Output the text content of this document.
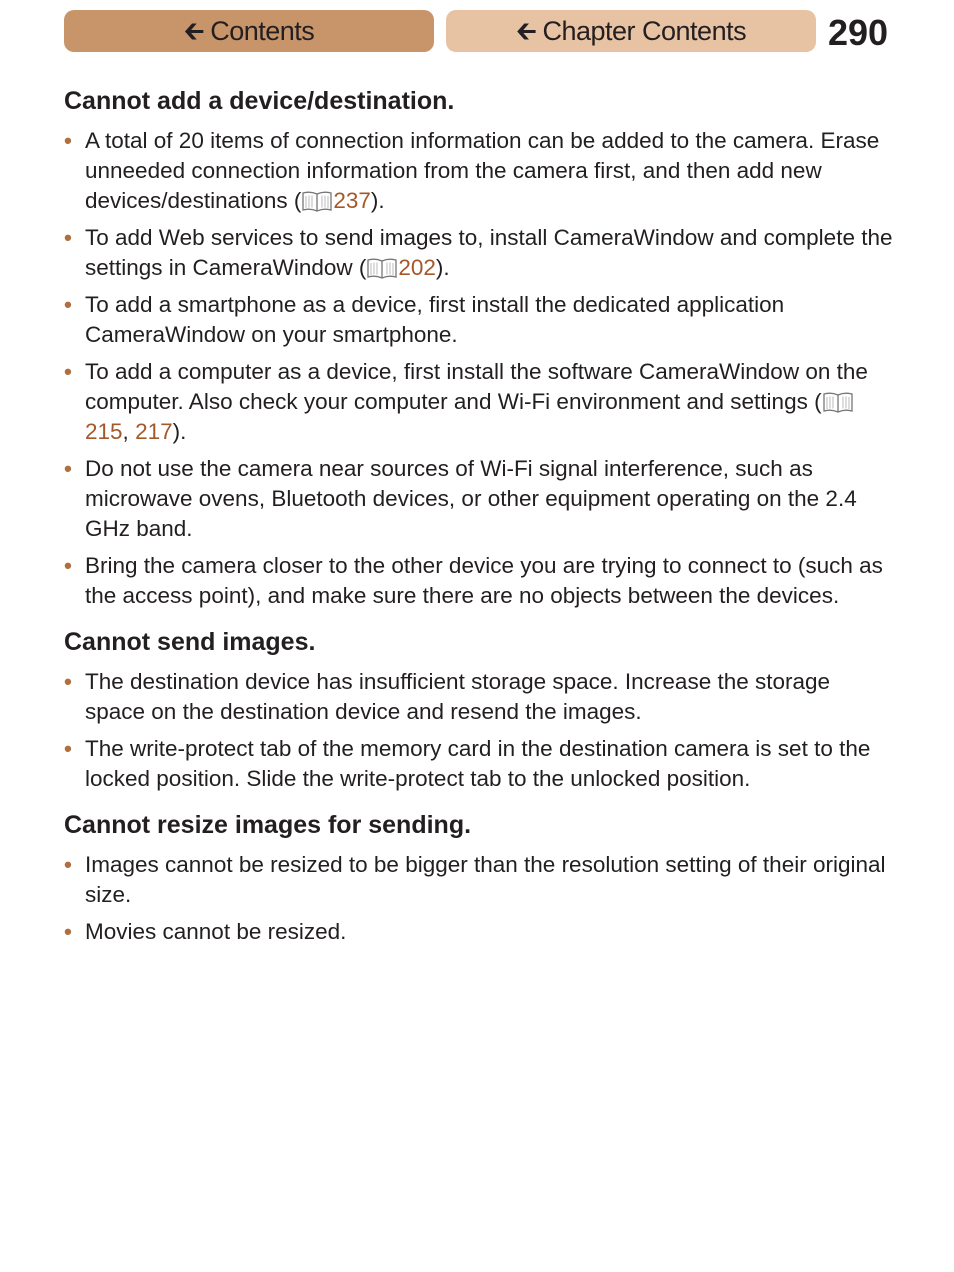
🡰 Contents	🡰 Chapter Contents 290
Cannot add a device/destination.
• A total of 20 items of connection information can be added to the camera. Erase unneeded connection information from the camera first, and then add new devices/destinations ( 237).
• To add Web services to send images to, install CameraWindow and complete the settings in CameraWindow ( 202).
• To add a smartphone as a device, first install the dedicated application CameraWindow on your smartphone.
• To add a computer as a device, first install the software CameraWindow on the computer. Also check your computer and Wi-Fi environment and settings (215, 217).
• Do not use the camera near sources of Wi-Fi signal interference, such as microwave ovens, Bluetooth devices, or other equipment operating on the 2.4 GHz band.
• Bring the camera closer to the other device you are trying to connect to (such as the access point), and make sure there are no objects between the devices.
Cannot send images.
• The destination device has insufficient storage space. Increase the storage space on the destination device and resend the images.
• The write-protect tab of the memory card in the destination camera is set to the locked position. Slide the write-protect tab to the unlocked position.
Cannot resize images for sending.
• Images cannot be resized to be bigger than the resolution setting of their original size.
• Movies cannot be resized.
